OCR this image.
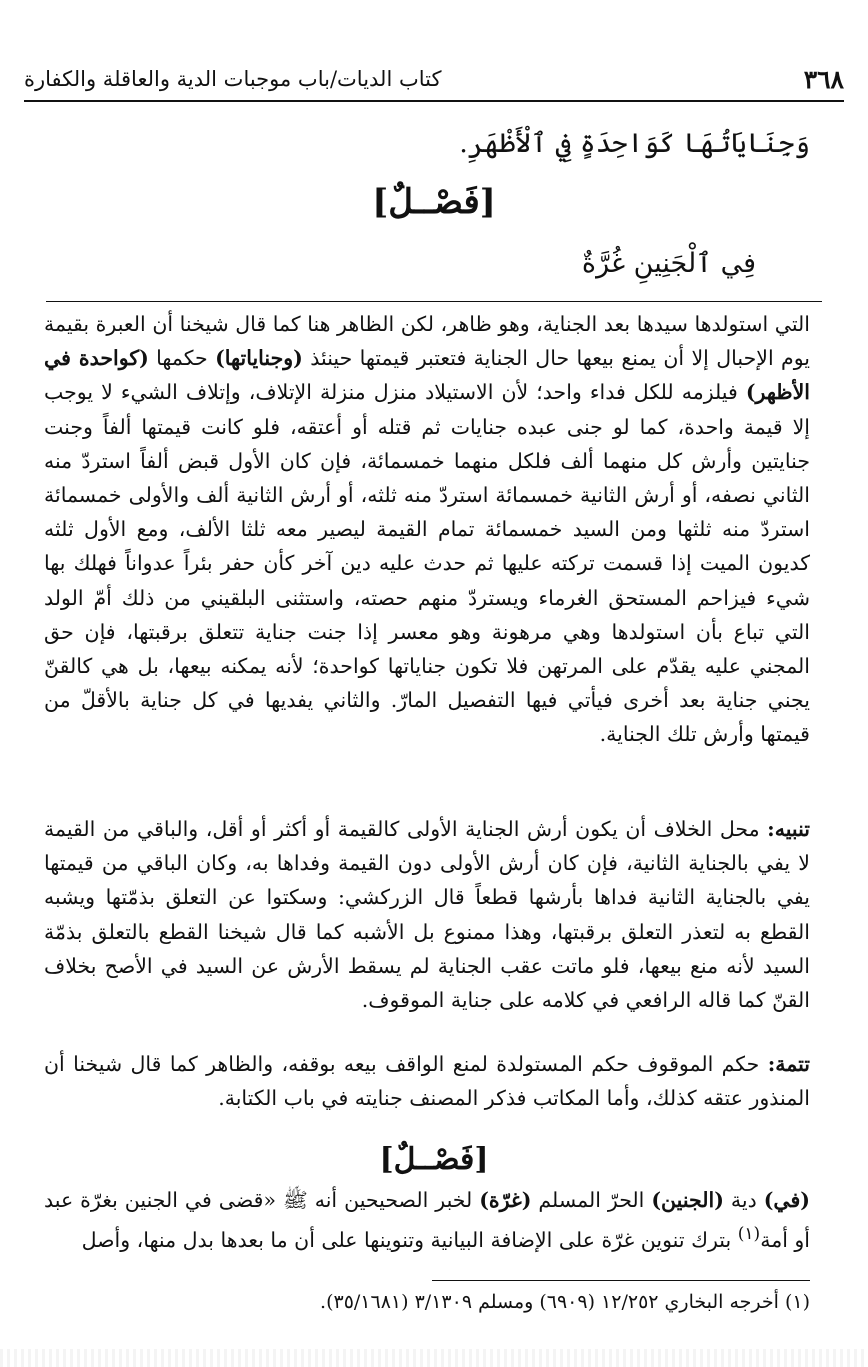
٣٦٨
كتاب الديات/باب موجبات الدية والعاقلة والكفارة
وَجِنَايَاتُهَا كَوَاحِدَةٍ فِي ٱلْأَظْهَرِ.
[فَصْــلٌ]
فِي ٱلْجَنِينِ غُرَّةٌ

التي استولدها سيدها بعد الجناية، وهو ظاهر، لكن الظاهر هنا كما قال شيخنا أن العبرة بقيمة يوم الإحبال إلا أن يمنع بيعها حال الجناية فتعتبر قيمتها حينئذ (وجناياتها) حكمها (كواحدة في الأظهر) فيلزمه للكل فداء واحد؛ لأن الاستيلاد منزل منزلة الإتلاف، وإتلاف الشيء لا يوجب إلا قيمة واحدة، كما لو جنى عبده جنايات ثم قتله أو أعتقه، فلو كانت قيمتها ألفاً وجنت جنايتين وأرش كل منهما ألف فلكل منهما خمسمائة، فإن كان الأول قبض ألفاً استردّ منه الثاني نصفه، أو أرش الثانية خمسمائة استردّ منه ثلثه، أو أرش الثانية ألف والأولى خمسمائة استردّ منه ثلثها ومن السيد خمسمائة تمام القيمة ليصير معه ثلثا الألف، ومع الأول ثلثه كديون الميت إذا قسمت تركته عليها ثم حدث عليه دين آخر كأن حفر بئراً عدواناً فهلك بها شيء فيزاحم المستحق الغرماء ويستردّ منهم حصته، واستثنى البلقيني من ذلك أمّ الولد التي تباع بأن استولدها وهي مرهونة وهو معسر إذا جنت جناية تتعلق برقبتها، فإن حق المجني عليه يقدّم على المرتهن فلا تكون جناياتها كواحدة؛ لأنه يمكنه بيعها، بل هي كالقنّ يجني جناية بعد أخرى فيأتي فيها التفصيل المارّ. والثاني يفديها في كل جناية بالأقلّ من قيمتها وأرش تلك الجناية.

تنبيه: محل الخلاف أن يكون أرش الجناية الأولى كالقيمة أو أكثر أو أقل، والباقي من القيمة لا يفي بالجناية الثانية، فإن كان أرش الأولى دون القيمة وفداها به، وكان الباقي من قيمتها يفي بالجناية الثانية فداها بأرشها قطعاً قال الزركشي: وسكتوا عن التعلق بذمّتها ويشبه القطع به لتعذر التعلق برقبتها، وهذا ممنوع بل الأشبه كما قال شيخنا القطع بالتعلق بذمّة السيد لأنه منع بيعها، فلو ماتت عقب الجناية لم يسقط الأرش عن السيد في الأصح بخلاف القنّ كما قاله الرافعي في كلامه على جناية الموقوف.

تتمة: حكم الموقوف حكم المستولدة لمنع الواقف بيعه بوقفه، والظاهر كما قال شيخنا أن المنذور عتقه كذلك، وأما المكاتب فذكر المصنف جنايته في باب الكتابة.

[فَصْــلٌ]

(في) دية (الجنين) الحرّ المسلم (غرّة) لخبر الصحيحين أنه ﷺ «قضى في الجنين بغرّة عبد أو أمة$^{(١)}$ بترك تنوين غرّة على الإضافة البيانية وتنوينها على أن ما بعدها بدل منها، وأصل

(١) أخرجه البخاري ١٢/٢٥٢ (٦٩٠٩) ومسلم ٣/١٣٠٩ (٣٥/١٦٨١).
